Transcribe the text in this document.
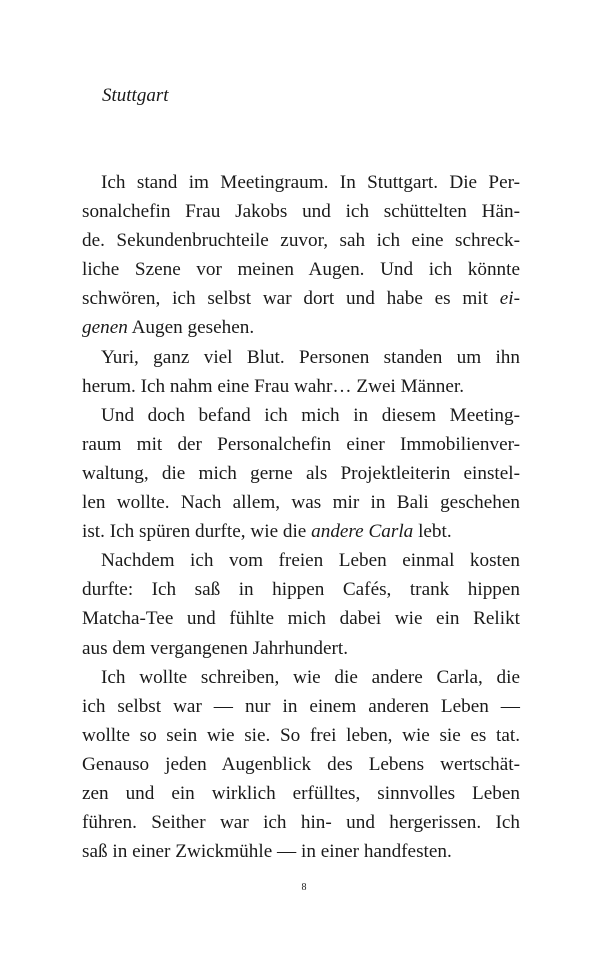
Stuttgart
Ich stand im Meetingraum. In Stuttgart. Die Per-
sonalchefin Frau Jakobs und ich schüttelten Hän-
de. Sekundenbruchteile zuvor, sah ich eine schreck-
liche Szene vor meinen Augen. Und ich könnte
schwören, ich selbst war dort und habe es mit ei-
genen Augen gesehen.
Yuri, ganz viel Blut. Personen standen um ihn
herum. Ich nahm eine Frau wahr… Zwei Männer.
Und doch befand ich mich in diesem Meeting-
raum mit der Personalchefin einer Immobilienver-
waltung, die mich gerne als Projektleiterin einstel-
len wollte. Nach allem, was mir in Bali geschehen
ist. Ich spüren durfte, wie die andere Carla lebt.
Nachdem ich vom freien Leben einmal kosten
durfte: Ich saß in hippen Cafés, trank hippen
Matcha-Tee und fühlte mich dabei wie ein Relikt
aus dem vergangenen Jahrhundert.
Ich wollte schreiben, wie die andere Carla, die
ich selbst war — nur in einem anderen Leben —
wollte so sein wie sie. So frei leben, wie sie es tat.
Genauso jeden Augenblick des Lebens wertschät-
zen und ein wirklich erfülltes, sinnvolles Leben
führen. Seither war ich hin- und hergerissen. Ich
saß in einer Zwickmühle — in einer handfesten.
8
